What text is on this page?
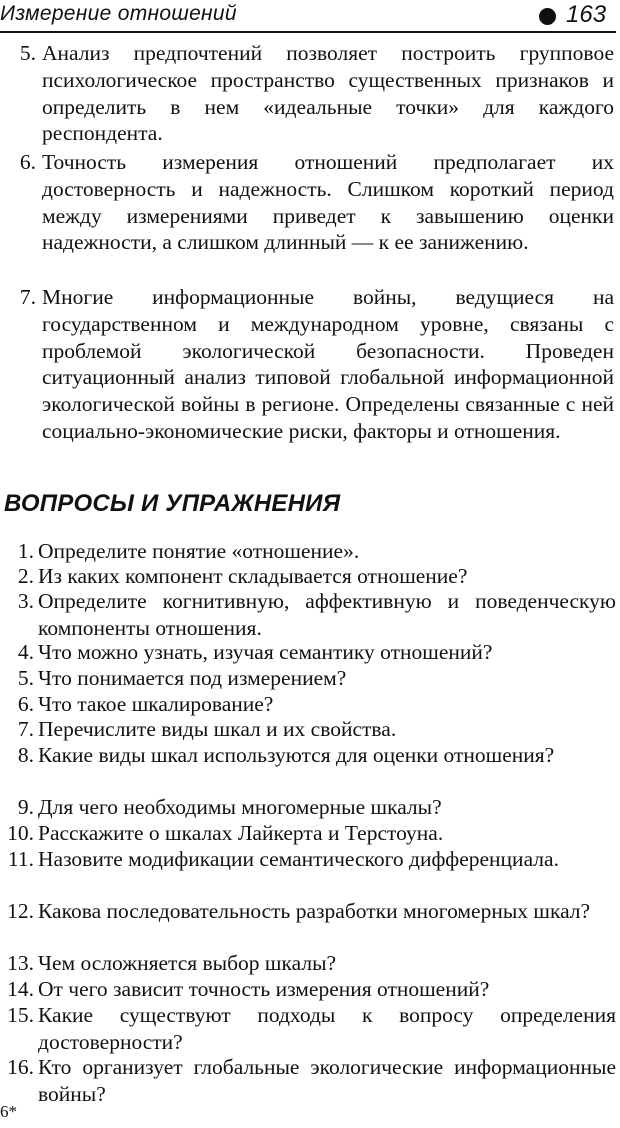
Измерение отношений	163
5. Анализ предпочтений позволяет построить групповое психологическое пространство существенных признаков и определить в нем «идеальные точки» для каждого респондента.
6. Точность измерения отношений предполагает их достоверность и надежность. Слишком короткий период между измерениями приведет к завышению оценки надежности, а слишком длинный — к ее занижению.
7. Многие информационные войны, ведущиеся на государственном и международном уровне, связаны с проблемой экологической безопасности. Проведен ситуационный анализ типовой глобальной информационной экологической войны в регионе. Определены связанные с ней социально-экономические риски, факторы и отношения.
ВОПРОСЫ И УПРАЖНЕНИЯ
1. Определите понятие «отношение».
2. Из каких компонент складывается отношение?
3. Определите когнитивную, аффективную и поведенческую компоненты отношения.
4. Что можно узнать, изучая семантику отношений?
5. Что понимается под измерением?
6. Что такое шкалирование?
7. Перечислите виды шкал и их свойства.
8. Какие виды шкал используются для оценки отношения?
9. Для чего необходимы многомерные шкалы?
10. Расскажите о шкалах Лайкерта и Терстоуна.
11. Назовите модификации семантического дифференциала.
12. Какова последовательность разработки многомерных шкал?
13. Чем осложняется выбор шкалы?
14. От чего зависит точность измерения отношений?
15. Какие существуют подходы к вопросу определения достоверности?
16. Кто организует глобальные экологические информационные войны?
6*
